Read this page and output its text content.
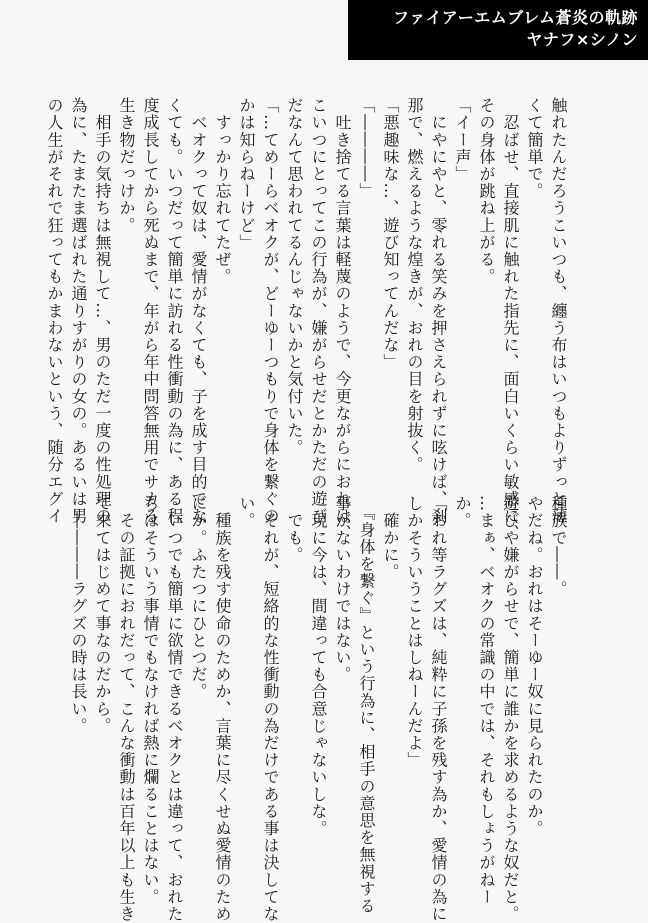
ファイアーエムブレム蒼炎の軌跡
ヤナフ×シノン
触れたんだろうこいつも、纏う布はいつもよりずっと薄
くて簡単で。
　忍ばせ、直接肌に触れた指先に、面白いくらい敏感に、
その身体が跳ね上がる。
「イー声」
　にやにやと、零れる笑みを押さえられずに呟けば、刹
那で、燃えるような煌きが、おれの目を射抜く。
「悪趣味な…、遊び知ってんだな」
「――――」
　吐き捨てる言葉は軽蔑のようで、今更ながらにおれは、
こいつにとってこの行為が、嫌がらせだとかただの遊び
だなんて思われてるんじゃないかと気付いた。
「…てめーらベオクが、どーゆーつもりで身体を繋ぐの
かは知らねーけど」
　すっかり忘れてたぜ。
　ベオクって奴は、愛情がなくても、子を成す目的でな
くても。いつだって簡単に訪れる性衝動の為に、ある程
度成長してから死ぬまで、年がら年中問答無用でサカる
生き物だっけか。
　相手の気持ちは無視して…、男のただ一度の性処理の
為に、たまたま選ばれた通りすがりの女の。あるいは男
の人生がそれで狂ってもかまわないという、随分エグイ
種族で――。
やだね。おれはそーゆー奴に見られたのか。
遊びや嫌がらせで、簡単に誰かを求めるような奴だと。
…まぁ、ベオクの常識の中では、それもしょうがねー
か。
「おれ等ラグズは、純粋に子孫を残す為か、愛情の為に
しかそういうことはしねーんだよ」
　確かに。
　『身体を繋ぐ』という行為に、相手の意思を無視する
事がないわけではない。
　現に今は、間違っても合意じゃないしな。
　でも。
　それが、短絡的な性衝動の為だけである事は決してな
い。
　種族を残す使命のためか、言葉に尽くせぬ愛情のため
にか。ふたつにひとつだ。
　いつでも簡単に欲情できるベオクとは違って、おれた
ちはそういう事情でもなければ熱に爛ることはない。
　その証拠におれだって、こんな衝動は百年以上も生き
て来てはじめて事なのだから。
　――――ラグズの時は長い。
